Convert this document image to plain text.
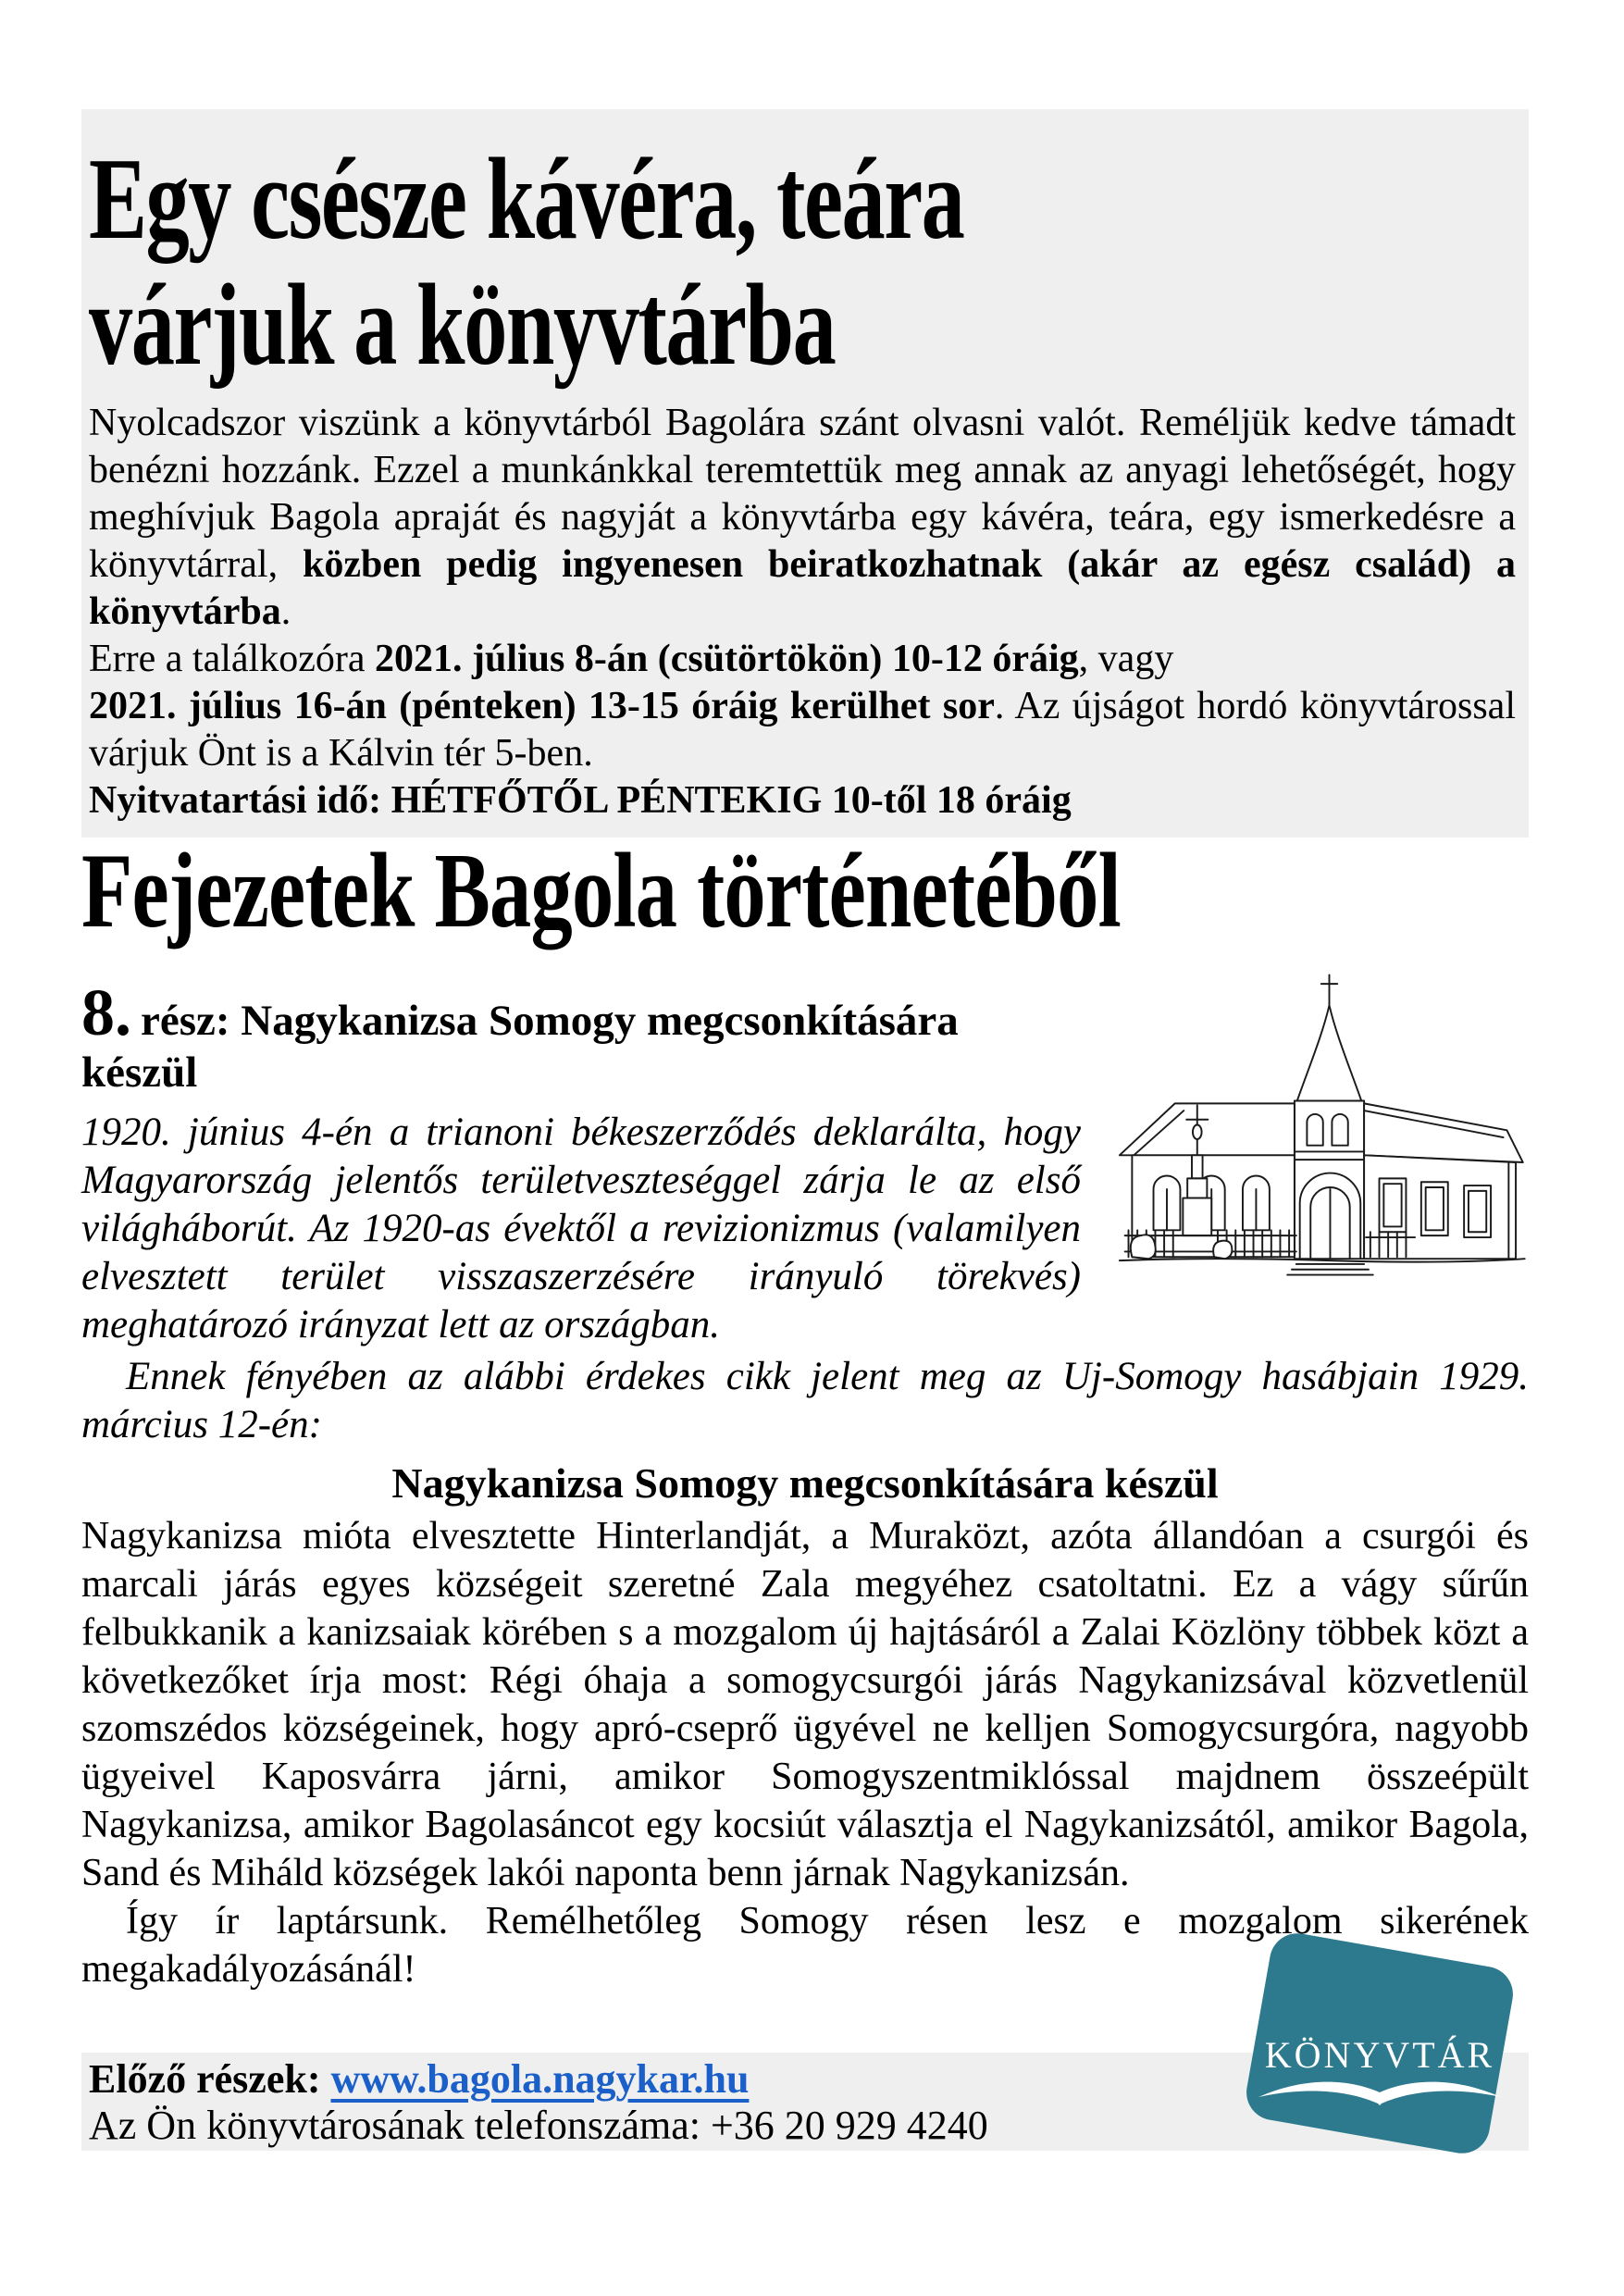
Egy csésze kávéra, teára
várjuk a könyvtárba
Nyolcadszor viszünk a könyvtárból Bagolára szánt olvasni valót. Reméljük kedve támadt benézni hozzánk. Ezzel a munkánkkal teremtettük meg annak az anyagi lehetőségét, hogy meghívjuk Bagola apraját és nagyját a könyvtárba egy kávéra, teára, egy ismerkedésre a könyvtárral, közben pedig ingyenesen beiratkozhatnak (akár az egész család) a könyvtárba.
Erre a találkozóra 2021. július 8-án (csütörtökön) 10-12 óráig, vagy
2021. július 16-án (pénteken) 13-15 óráig kerülhet sor. Az újságot hordó könyvtárossal várjuk Önt is a Kálvin tér 5-ben.
Nyitvatartási idő: HÉTFŐTŐL PÉNTEKIG 10-től 18 óráig
Fejezetek Bagola történetéből
8. rész: Nagykanizsa Somogy megcsonkítására készül
1920. június 4-én a trianoni békeszerződés deklarálta, hogy Magyarország jelentős területveszteséggel zárja le az első világháborút. Az 1920-as évektől a revizionizmus (valamilyen elvesztett terület visszaszerzésére irányuló törekvés) meghatározó irányzat lett az országban.
Ennek fényében az alábbi érdekes cikk jelent meg az Uj-Somogy hasábjain 1929. március 12-én:
Nagykanizsa Somogy megcsonkítására készül
Nagykanizsa mióta elvesztette Hinterlandját, a Muraközt, azóta állandóan a csurgói és marcali járás egyes községeit szeretné Zala megyéhez csatoltatni. Ez a vágy sűrűn felbukkanik a kanizsaiak körében s a mozgalom új hajtásáról a Zalai Közlöny többek közt a következőket írja most: Régi óhaja a somogycsurgói járás Nagykanizsával közvetlenül szomszédos községeinek, hogy apró-cseprő ügyével ne kelljen Somogycsurgóra, nagyobb ügyeivel Kaposvárra járni, amikor Somogyszentmiklóssal majdnem összeépült Nagykanizsa, amikor Bagolasáncot egy kocsiút választja el Nagykanizsától, amikor Bagola, Sand és Miháld községek lakói naponta benn járnak Nagykanizsán.
Így ír laptársunk. Remélhetőleg Somogy résen lesz e mozgalom sikerének megakadályozásánál!
Előző részek: www.bagola.nagykar.hu
Az Ön könyvtárosának telefonszáma: +36 20 929 4240
KÖNYVTÁR
